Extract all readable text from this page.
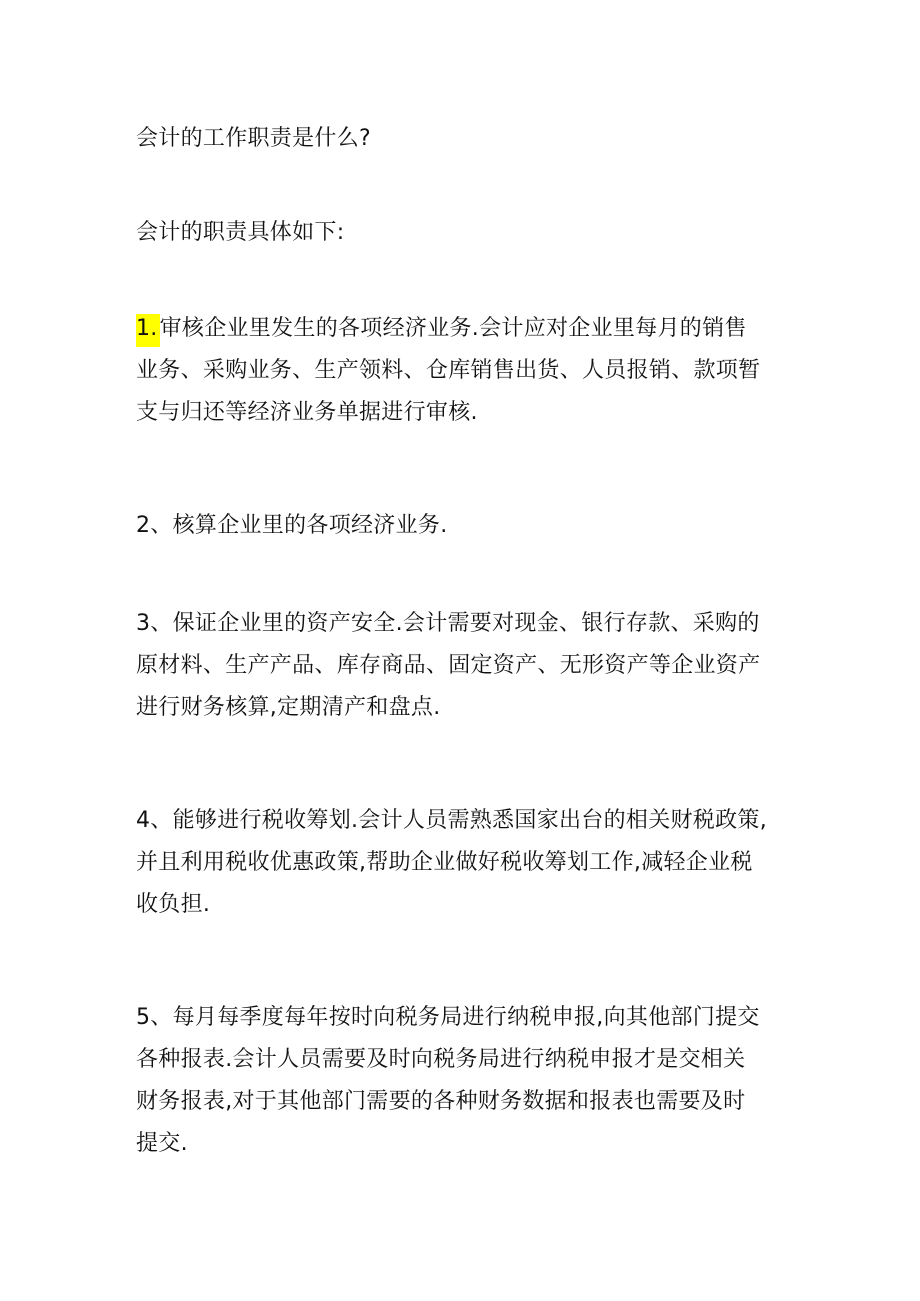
会计的工作职责是什么?

会计的职责具体如下:

1.审核企业里发生的各项经济业务.会计应对企业里每月的销售
业务、采购业务、生产领料、仓库销售出货、人员报销、款项暂
支与归还等经济业务单据进行审核.

2、核算企业里的各项经济业务.

3、保证企业里的资产安全.会计需要对现金、银行存款、采购的
原材料、生产产品、库存商品、固定资产、无形资产等企业资产
进行财务核算,定期清产和盘点.

4、能够进行税收筹划.会计人员需熟悉国家出台的相关财税政策,
并且利用税收优惠政策,帮助企业做好税收筹划工作,减轻企业税
收负担.

5、每月每季度每年按时向税务局进行纳税申报,向其他部门提交
各种报表.会计人员需要及时向税务局进行纳税申报才是交相关
财务报表,对于其他部门需要的各种财务数据和报表也需要及时
提交.
